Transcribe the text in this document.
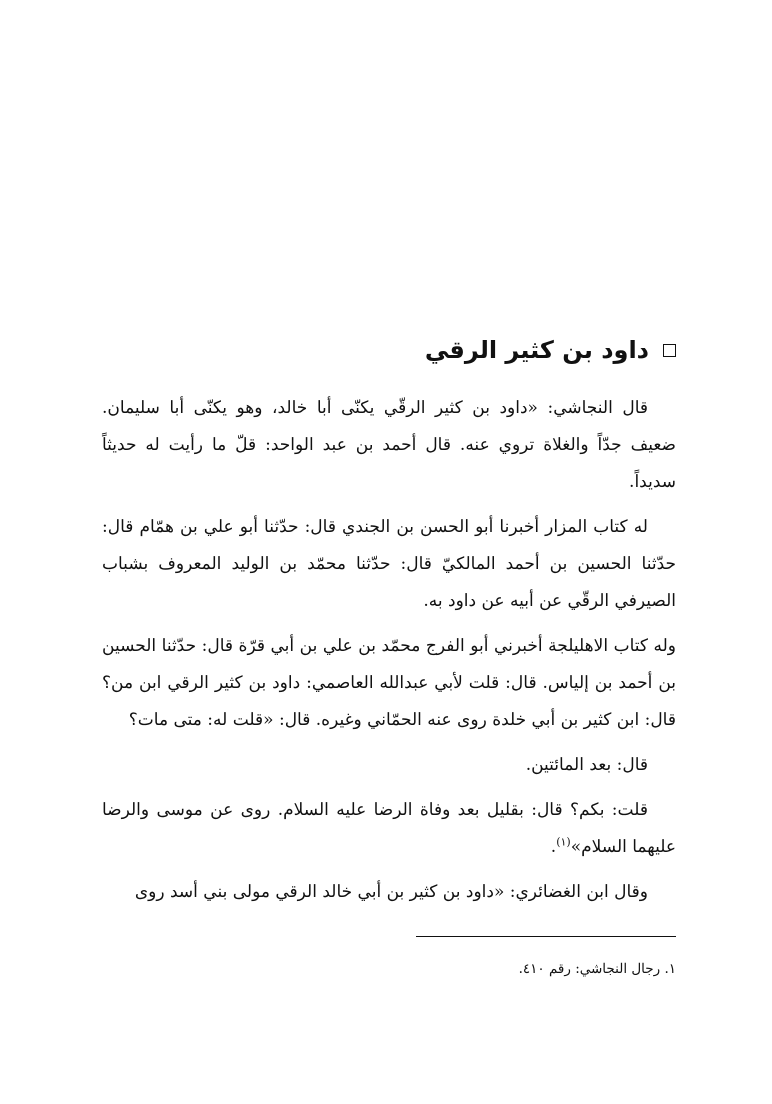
داود بن كثير الرقي

قال النجاشي: «داود بن كثير الرقّي يكنّى أبا خالد، وهو يكنّى أبا سليمان. ضعيف جدّاً والغلاة تروي عنه. قال أحمد بن عبد الواحد: قلّ ما رأيت له حديثاً سديداً.

له كتاب المزار أخبرنا أبو الحسن بن الجندي قال: حدّثنا أبو علي بن همّام قال: حدّثنا الحسين بن أحمد المالكيّ قال: حدّثنا محمّد بن الوليد المعروف بشباب الصيرفي الرقّي عن أبيه عن داود به.

وله كتاب الاهليلجة أخبرني أبو الفرج محمّد بن علي بن أبي قرّة قال: حدّثنا الحسين بن أحمد بن إلياس. قال: قلت لأبي عبدالله العاصمي: داود بن كثير الرقي ابن من؟ قال: ابن كثير بن أبي خلدة روى عنه الحمّاني وغيره. قال: «قلت له: متى مات؟

قال: بعد المائتين.

قلت: بكم؟ قال: بقليل بعد وفاة الرضا عليه السلام. روى عن موسى والرضا عليهما السلام»$^{(١)}$.

وقال ابن الغضائري: «داود بن كثير بن أبي خالد الرقي مولى بني أسد روى

١. رجال النجاشي: رقم ٤١٠.
